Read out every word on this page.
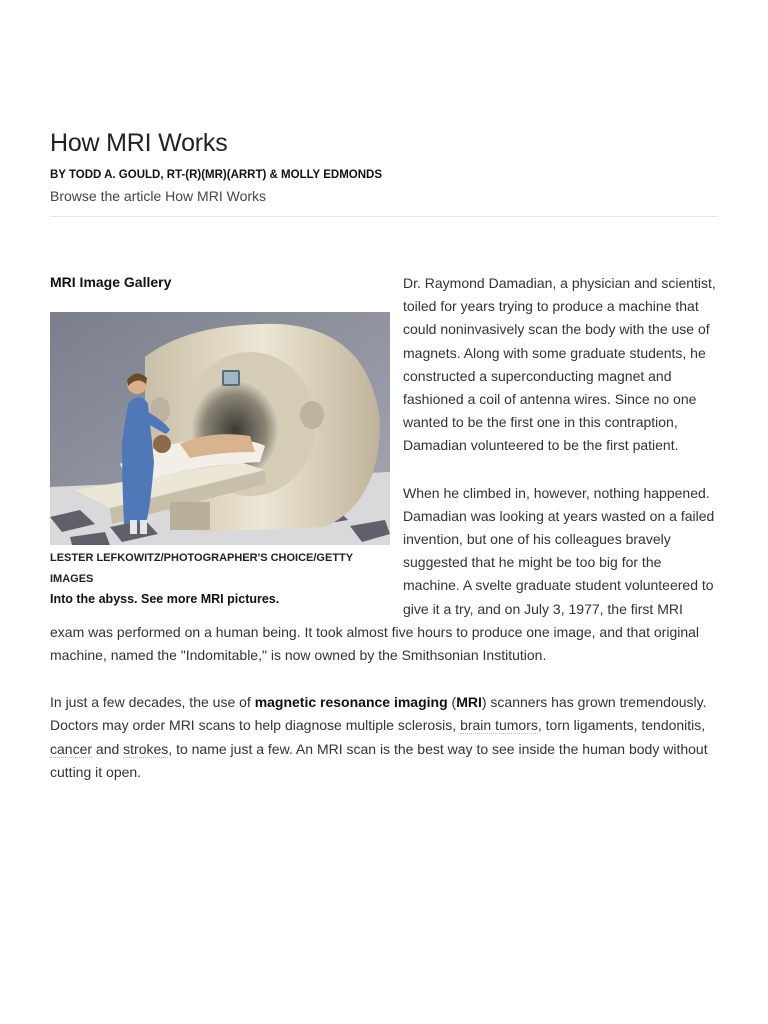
How MRI Works
BY TODD A. GOULD, RT-(R)(MR)(ARRT) & MOLLY EDMONDS
Browse the article How MRI Works
MRI Image Gallery
LESTER LEFKOWITZ/PHOTOGRAPHER'S CHOICE/GETTY IMAGES
Into the abyss. See more MRI pictures.

Dr. Raymond Damadian, a physician and scientist, toiled for years trying to produce a machine that could noninvasively scan the body with the use of magnets. Along with some graduate students, he constructed a superconducting magnet and fashioned a coil of antenna wires. Since no one wanted to be the first one in this contraption, Damadian volunteered to be the first patient.

When he climbed in, however, nothing happened. Damadian was looking at years wasted on a failed invention, but one of his colleagues bravely suggested that he might be too big for the machine. A svelte graduate student volunteered to give it a try, and on July 3, 1977, the first MRI exam was performed on a human being. It took almost five hours to produce one image, and that original machine, named the "Indomitable," is now owned by the Smithsonian Institution.

In just a few decades, the use of magnetic resonance imaging (MRI) scanners has grown tremendously. Doctors may order MRI scans to help diagnose multiple sclerosis, brain tumors, torn ligaments, tendonitis, cancer and strokes, to name just a few. An MRI scan is the best way to see inside the human body without cutting it open.
